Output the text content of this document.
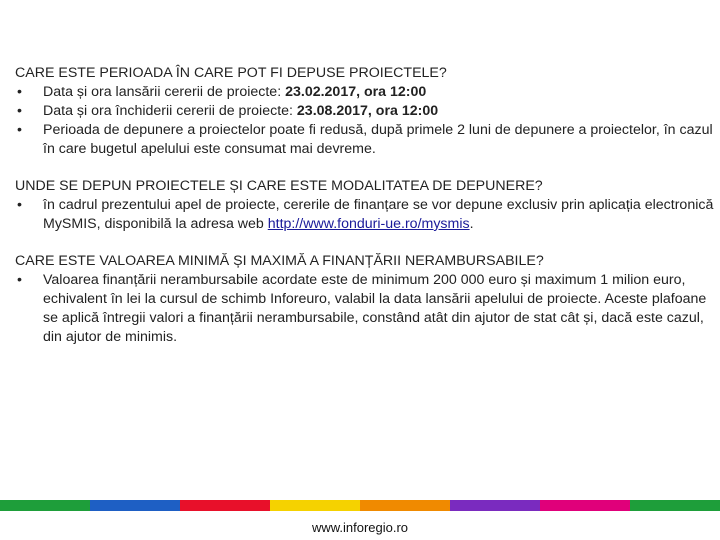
CARE ESTE PERIOADA ÎN CARE POT FI DEPUSE PROIECTELE?
• Data și ora lansării cererii de proiecte: 23.02.2017, ora 12:00
• Data și ora închiderii cererii de proiecte: 23.08.2017, ora 12:00
• Perioada de depunere a proiectelor poate fi redusă, după primele 2 luni de depunere a proiectelor, în cazul în care bugetul apelului este consumat mai devreme.
UNDE SE DEPUN PROIECTELE ȘI CARE ESTE MODALITATEA DE DEPUNERE?
• în cadrul prezentului apel de proiecte, cererile de finanțare se vor depune exclusiv prin aplicația electronică MySMIS, disponibilă la adresa web http://www.fonduri-ue.ro/mysmis.
CARE ESTE VALOAREA MINIMĂ ȘI MAXIMĂ A FINANȚĂRII NERAMBURSABILE?
• Valoarea finanțării nerambursabile acordate este de minimum 200 000 euro și maximum 1 milion euro, echivalent în lei la cursul de schimb Inforeuro, valabil la data lansării apelului de proiecte. Aceste plafoane se aplică întregii valori a finanțării nerambursabile, constând atât din ajutor de stat cât și, dacă este cazul, din ajutor de minimis.
www.inforegio.ro
